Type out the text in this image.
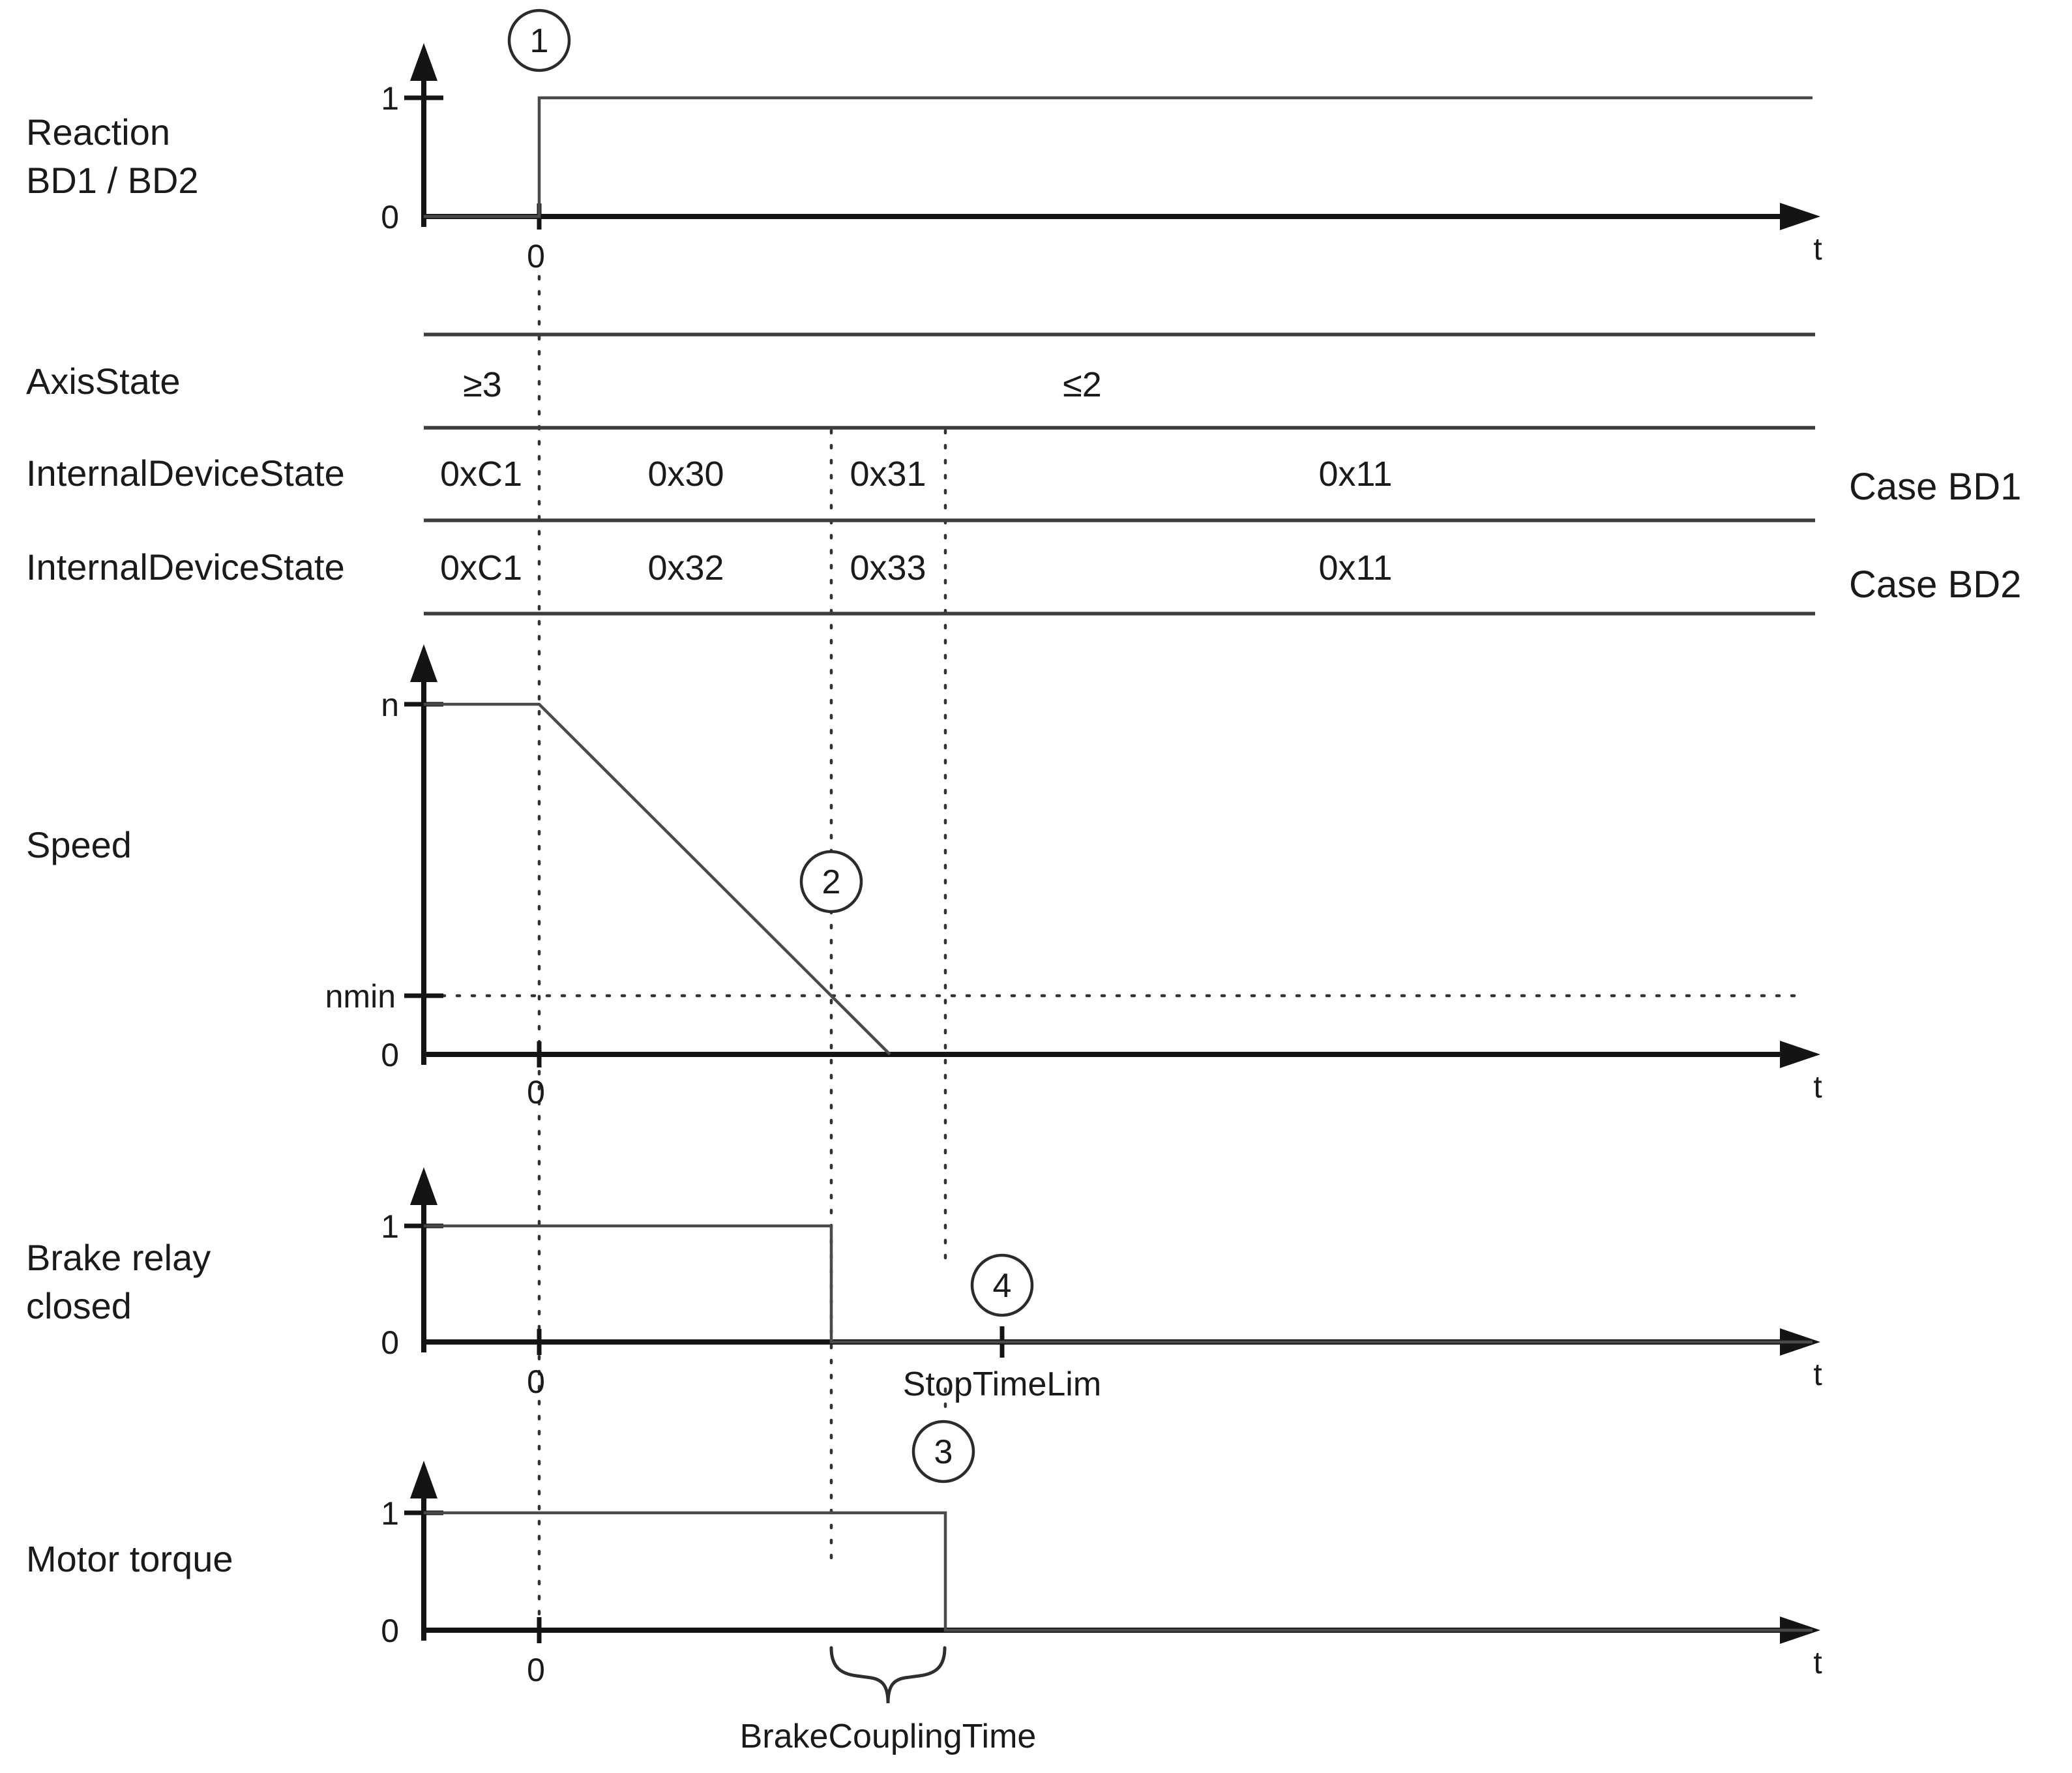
Reaction
BD1 / BD2
1
0
0	t
1
AxisState	≥3	≤2
InternalDeviceState	0xC1	0x30	0x31	0x11	Case BD1
InternalDeviceState	0xC1	0x32	0x33	0x11	Case BD2
Speed
n
nmin
0
0	t
2
Brake relay
closed
1
0
0	StopTimeLim	t
4
Motor torque
1
0
0	t
3
BrakeCouplingTime
